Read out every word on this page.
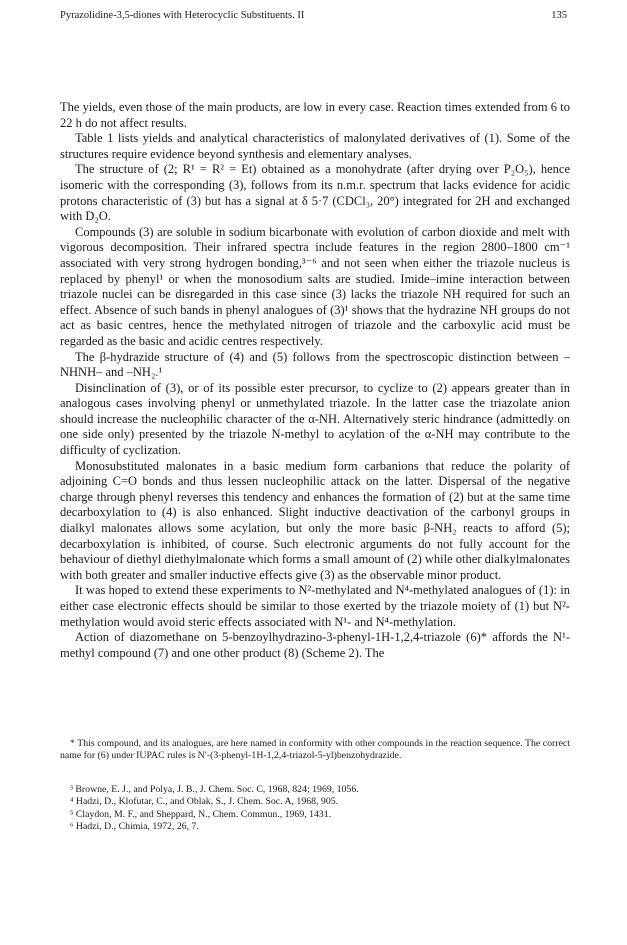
Pyrazolidine-3,5-diones with Heterocyclic Substituents. II	135

The yields, even those of the main products, are low in every case. Reaction times extended from 6 to 22 h do not affect results.

Table 1 lists yields and analytical characteristics of malonylated derivatives of (1). Some of the structures require evidence beyond synthesis and elementary analyses.

The structure of (2; R¹ = R² = Et) obtained as a monohydrate (after drying over P₂O₅), hence isomeric with the corresponding (3), follows from its n.m.r. spectrum that lacks evidence for acidic protons characteristic of (3) but has a signal at δ 5·7 (CDCl₃, 20°) integrated for 2H and exchanged with D₂O.

Compounds (3) are soluble in sodium bicarbonate with evolution of carbon dioxide and melt with vigorous decomposition. Their infrared spectra include features in the region 2800–1800 cm⁻¹ associated with very strong hydrogen bonding,³⁻⁶ and not seen when either the triazole nucleus is replaced by phenyl¹ or when the monosodium salts are studied. Imide–imine interaction between triazole nuclei can be disregarded in this case since (3) lacks the triazole NH required for such an effect. Absence of such bands in phenyl analogues of (3)¹ shows that the hydrazine NH groups do not act as basic centres, hence the methylated nitrogen of triazole and the carboxylic acid must be regarded as the basic and acidic centres respectively.

The β-hydrazide structure of (4) and (5) follows from the spectroscopic distinction between –NHNH– and –NH₂.¹

Disinclination of (3), or of its possible ester precursor, to cyclize to (2) appears greater than in analogous cases involving phenyl or unmethylated triazole. In the latter case the triazolate anion should increase the nucleophilic character of the α-NH. Alternatively steric hindrance (admittedly on one side only) presented by the triazole N-methyl to acylation of the α-NH may contribute to the difficulty of cyclization.

Monosubstituted malonates in a basic medium form carbanions that reduce the polarity of adjoining C=O bonds and thus lessen nucleophilic attack on the latter. Dispersal of the negative charge through phenyl reverses this tendency and enhances the formation of (2) but at the same time decarboxylation to (4) is also enhanced. Slight inductive deactivation of the carbonyl groups in dialkyl malonates allows some acylation, but only the more basic β-NH₂ reacts to afford (5); decarboxylation is inhibited, of course. Such electronic arguments do not fully account for the behaviour of diethyl diethylmalonate which forms a small amount of (2) while other dialkylmalonates with both greater and smaller inductive effects give (3) as the observable minor product.

It was hoped to extend these experiments to N²-methylated and N⁴-methylated analogues of (1): in either case electronic effects should be similar to those exerted by the triazole moiety of (1) but N²-methylation would avoid steric effects associated with N¹- and N⁴-methylation.

Action of diazomethane on 5-benzoylhydrazino-3-phenyl-1H-1,2,4-triazole (6)* affords the N¹-methyl compound (7) and one other product (8) (Scheme 2). The

* This compound, and its analogues, are here named in conformity with other compounds in the reaction sequence. The correct name for (6) under IUPAC rules is N′-(3-phenyl-1H-1,2,4-triazol-5-yl)benzohydrazide.
³ Browne, E. J., and Polya, J. B., J. Chem. Soc. C, 1968, 824; 1969, 1056.
⁴ Hadzi, D., Klofutar, C., and Oblak, S., J. Chem. Soc. A, 1968, 905.
⁵ Claydon, M. F., and Sheppard, N., Chem. Commun., 1969, 1431.
⁶ Hadzi, D., Chimia, 1972, 26, 7.
